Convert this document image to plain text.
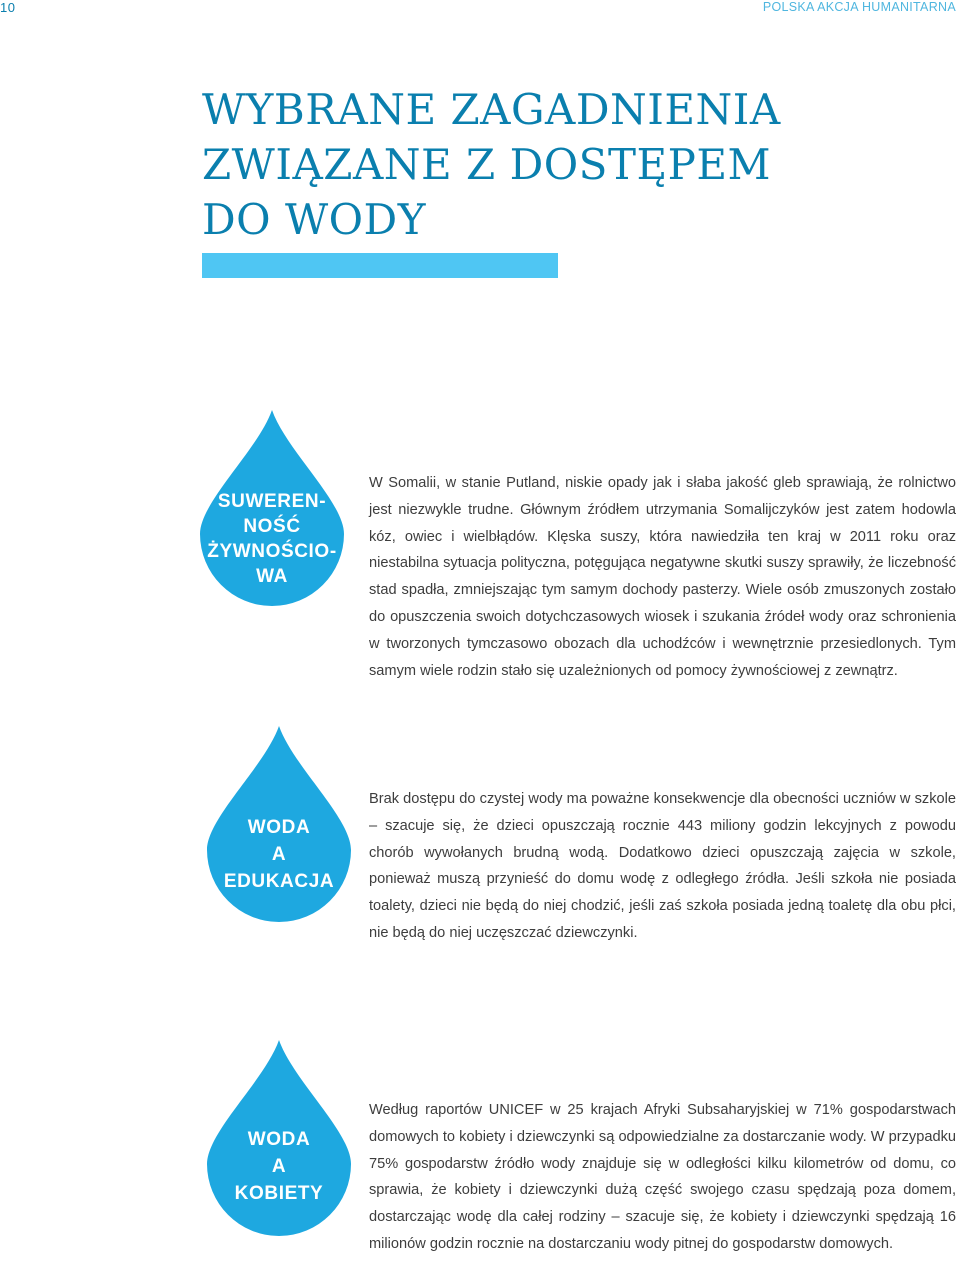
10	POLSKA AKCJA HUMANITARNA
WYBRANE ZAGADNIENIA
ZWIĄZANE Z DOSTĘPEM
DO WODY
SUWEREN-
NOŚĆ
ŻYWNOŚCIO-
WA

W Somalii, w stanie Putland, niskie opady jak i słaba jakość gleb sprawiają, że rolnictwo jest niezwykle trudne. Głównym źródłem utrzymania Somalijczyków jest zatem hodowla kóz, owiec i wielbłądów. Klęska suszy, która nawiedziła ten kraj w 2011 roku oraz niestabilna sytuacja polityczna, potęgująca negatywne skutki suszy sprawiły, że liczebność stad spadła, zmniejszając tym samym dochody pasterzy. Wiele osób zmuszonych zostało do opuszczenia swoich dotychczasowych wiosek i szukania źródeł wody oraz schronienia w tworzonych tymczasowo obozach dla uchodźców i wewnętrznie przesiedlonych. Tym samym wiele rodzin stało się uzależnionych od pomocy żywnościowej z zewnątrz.

WODA
A
EDUKACJA

Brak dostępu do czystej wody ma poważne konsekwencje dla obecności uczniów w szkole – szacuje się, że dzieci opuszczają rocznie 443 miliony godzin lekcyjnych z powodu chorób wywołanych brudną wodą. Dodatkowo dzieci opuszczają zajęcia w szkole, ponieważ muszą przynieść do domu wodę z odległego źródła. Jeśli szkoła nie posiada toalety, dzieci nie będą do niej chodzić, jeśli zaś szkoła posiada jedną toaletę dla obu płci, nie będą do niej uczęszczać dziewczynki.

WODA
A
KOBIETY

Według raportów UNICEF w 25 krajach Afryki Subsaharyjskiej w 71% gospodarstwach domowych to kobiety i dziewczynki są odpowiedzialne za dostarczanie wody. W przypadku 75% gospodarstw źródło wody znajduje się w odległości kilku kilometrów od domu, co sprawia, że kobiety i dziewczynki dużą część swojego czasu spędzają poza domem, dostarczając wodę dla całej rodziny – szacuje się, że kobiety i dziewczynki spędzają 16 milionów godzin rocznie na dostarczaniu wody pitnej do gospodarstw domowych.
